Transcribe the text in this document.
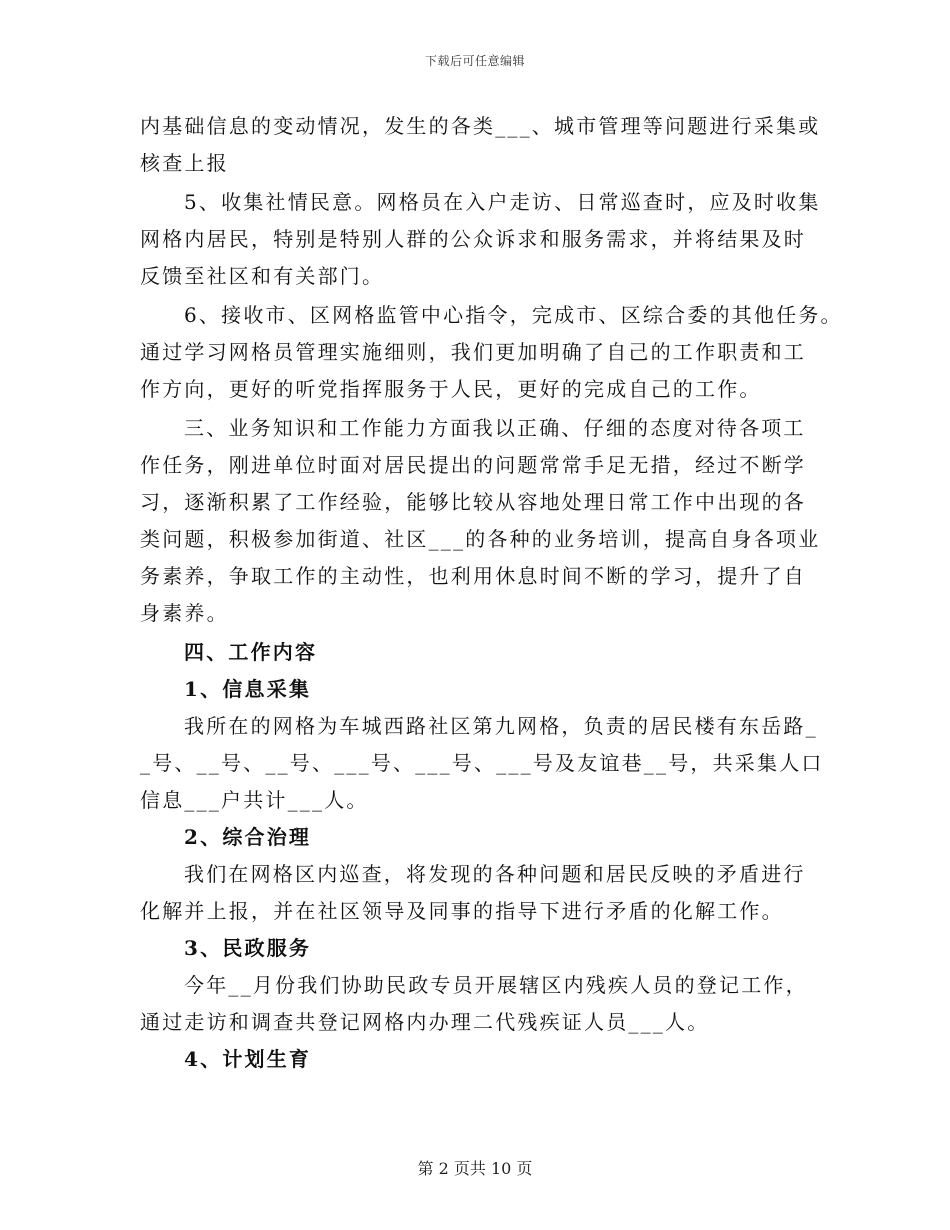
下载后可任意编辑
内基础信息的变动情况，发生的各类___、城市管理等问题进行采集或
核查上报
5、收集社情民意。网格员在入户走访、日常巡查时，应及时收集
网格内居民，特别是特别人群的公众诉求和服务需求，并将结果及时
反馈至社区和有关部门。
6、接收市、区网格监管中心指令，完成市、区综合委的其他任务。
通过学习网格员管理实施细则，我们更加明确了自己的工作职责和工
作方向，更好的听党指挥服务于人民，更好的完成自己的工作。
三、业务知识和工作能力方面我以正确、仔细的态度对待各项工
作任务，刚进单位时面对居民提出的问题常常手足无措，经过不断学
习，逐渐积累了工作经验，能够比较从容地处理日常工作中出现的各
类问题，积极参加街道、社区___的各种的业务培训，提高自身各项业
务素养，争取工作的主动性，也利用休息时间不断的学习，提升了自
身素养。
四、工作内容
1、信息采集
我所在的网格为车城西路社区第九网格，负责的居民楼有东岳路_
_号、__号、__号、___号、___号、___号及友谊巷__号，共采集人口
信息___户共计___人。
2、综合治理
我们在网格区内巡查，将发现的各种问题和居民反映的矛盾进行
化解并上报，并在社区领导及同事的指导下进行矛盾的化解工作。
3、民政服务
今年__月份我们协助民政专员开展辖区内残疾人员的登记工作，
通过走访和调查共登记网格内办理二代残疾证人员___人。
4、计划生育
第 2 页共 10 页
